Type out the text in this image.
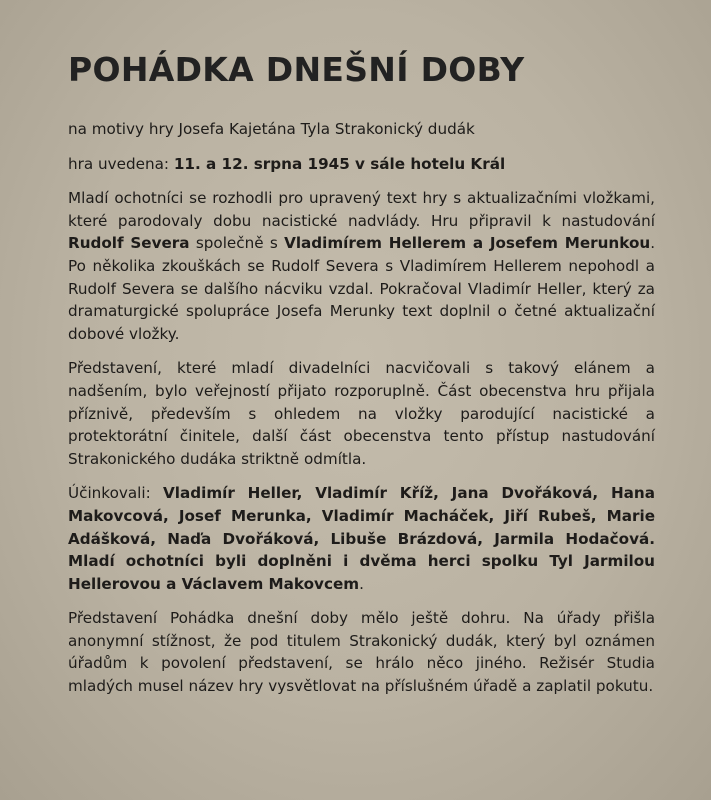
POHÁDKA DNEŠNÍ DOBY

na motivy hry Josefa Kajetána Tyla Strakonický dudák

hra uvedena: 11. a 12. srpna 1945 v sále hotelu Král

Mladí ochotníci se rozhodli pro upravený text hry s aktualizačními vložkami, které parodovaly dobu nacistické nadvlády. Hru připravil k nastudování Rudolf Severa společně s Vladimírem Hellerem a Josefem Merunkou. Po několika zkouškách se Rudolf Severa s Vladimírem Hellerem nepohodl a Rudolf Severa se dalšího nácviku vzdal. Pokračoval Vladimír Heller, který za dramaturgické spolupráce Josefa Merunky text doplnil o četné aktualizační dobové vložky.

Představení, které mladí divadelníci nacvičovali s takový elánem a nadšením, bylo veřejností přijato rozporuplně. Část obecenstva hru přijala příznivě, především s ohledem na vložky parodující nacistické a protektorátní činitele, další část obecenstva tento přístup nastudování Strakonického dudáka striktně odmítla.

Účinkovali: Vladimír Heller, Vladimír Kříž, Jana Dvořáková, Hana Makovcová, Josef Merunka, Vladimír Macháček, Jiří Rubeš, Marie Adášková, Naďa Dvořáková, Libuše Brázdová, Jarmila Hodačová. Mladí ochotníci byli doplněni i dvěma herci spolku Tyl Jarmilou Hellerovou a Václavem Makovcem.

Představení Pohádka dnešní doby mělo ještě dohru. Na úřady přišla anonymní stížnost, že pod titulem Strakonický dudák, který byl oznámen úřadům k povolení představení, se hrálo něco jiného. Režisér Studia mladých musel název hry vysvětlovat na příslušném úřadě a zaplatil pokutu.
